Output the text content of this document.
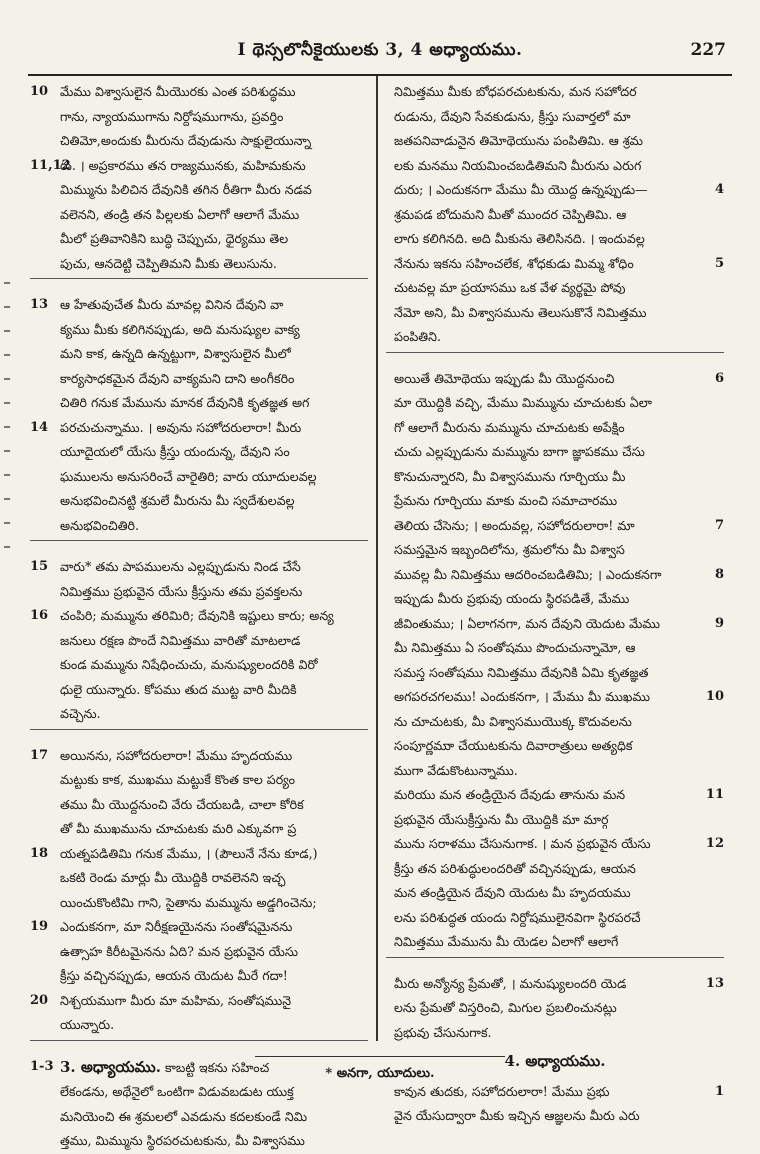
I థెస్సలొనీకైయులకు 3, 4 అధ్యాయము.	227
10 మేము విశ్వాసులైన మీయొరకు ఎంత పరిశుద్ధము
గాను, న్యాయముగాను నిర్దోషముగాను, ప్రవర్తిం
చితిమో,అందుకు మీరును దేవుడును సాక్షులైయున్నా
11,12
రు. । అప్రకారము తన రాజ్యమునకు, మహిమకును
మిమ్మును పిలిచిన దేవునికి తగిన రీతిగా మీరు నడవ
వలెనని, తండ్రి తన పిల్లలకు ఏలాగో ఆలాగే మేము
మీలో ప్రతివానికిని బుద్ధి చెప్పుచు, ధైర్యము తెల
పుచు, ఆనదెట్టి చెప్పితిమని మీకు తెలుసును.
13 ఆ హేతువుచేత మీరు మావల్ల వినిన దేవుని వా
క్యము మీకు కలిగినప్పుడు, అది మనుష్యుల వాక్య
మని కాక, ఉన్నది ఉన్నట్టుగా, విశ్వాసులైన మీలో
కార్యసాధకమైన దేవుని వాక్యమని దాని అంగీకరిం
చితిరి గనుక మేమును మానక దేవునికి కృతజ్ఞత అగ
14 పరచుచున్నాము. । అవును సహోదరులారా! మీరు
యూదైయలో యేసు క్రీస్తు యందున్న, దేవుని సం
ఘములను అనుసరించే వారైతిరి; వారు యూదులవల్ల
అనుభవించినట్టి శ్రమలే మీరును మీ స్వదేశులవల్ల
అనుభవించితిరి.
15 వారు* తమ పాపములను ఎల్లప్పుడును నిండ చేసే
నిమిత్తము ప్రభువైన యేసు క్రీస్తును తమ ప్రవక్తలను
16 చంపిరి; మమ్మును తరిమిరి; దేవునికి ఇష్టులు కారు; అన్య
జనులు రక్షణ పొందే నిమిత్తము వారితో మాటలాడ
కుండ మమ్మును నిషేధించుచు, మనుష్యులందరికి విరో
ధులై యున్నారు. కోపము తుద ముట్ట వారి మీదికి
వచ్చెను.
17 అయినను, సహోదరులారా! మేము హృదయము
మట్టుకు కాక, ముఖము మట్టుకే కొంత కాల పర్యం
తము మీ యొద్దనుంచి వేరు చేయబడి, చాలా కోరిక
తో మీ ముఖమును చూచుటకు మరి ఎక్కువగా ప్ర
18 యత్నపడితిమి గనుక మేము, । (పౌలునే నేను కూడ,)
ఒకటి రెండు మార్లు మీ యొద్దికి రావలెనని ఇచ్ఛ
యించుకొంటిమి గాని, సైతాను మమ్మును అడ్డగించెను;
19 ఎందుకనగా, మా నిరీక్షణయైనను సంతోషమైనను
ఉత్సాహ కిరీటమైనను ఏది? మన ప్రభువైన యేసు
క్రీస్తు వచ్చినప్పుడు, ఆయన యెదుట మీరే గదా!
20 నిశ్చయముగా మీరు మా మహిమ, సంతోషమునై
యున్నారు.
1-3 3. అధ్యాయము. కాబట్టి ఇకను సహించ
లేకండను, అథేనైలో ఒంటిగా విడువబడుట యుక్త
మనియెంచి ఈ శ్రమలలో ఎవడును కదలకుండే నిమి
త్తము, మిమ్మును స్థిరపరచుటకును, మీ విశ్వాసము
నిమిత్తము మీకు బోధపరచుటకును, మన సహోదర
రుడును, దేవుని సేవకుడును, క్రీస్తు సువార్తలో మా
జతపనివాడునైన తిమోథెయును పంపితిమి. ఆ శ్రమ
లకు మనము నియమించబడితిమని మీరును ఎరుగ
4
దురు; । ఎందుకనగా మేము మీ యొద్ద ఉన్నప్పుడు—
శ్రమపడ బోదుమని మీతో ముందర చెప్పితిమి. ఆ
లాగు కలిగినది. అది మీకును తెలిసినది. । ఇందువల్ల
5
నేనును ఇకను సహించలేక, శోధకుడు మిమ్మ శోధిం
చుటవల్ల మా ప్రయాసము ఒక వేళ వ్యర్థమై పోవు
నేమో అని, మీ విశ్వాసమును తెలుసుకొనే నిమిత్తము
పంపితిని.
6
అయితే తిమోథెయు ఇప్పుడు మీ యొద్దనుంచి
మా యొద్దికి వచ్చి, మేము మిమ్మును చూచుటకు ఏలా
గో ఆలాగే మీరును మమ్మును చూచుటకు అపేక్షిం
చుచు ఎల్లప్పుడును మమ్మును బాగా జ్ఞాపకము చేసు
కొనుచున్నారని, మీ విశ్వాసమును గూర్చియు మీ
ప్రేమను గూర్చియు మాకు మంచి సమాచారము
7
తెలియ చేసెను; । అందువల్ల, సహోదరులారా! మా
సమస్తమైన ఇబ్బందిలోను, శ్రమలోను మీ విశ్వాస
8
మువల్ల మీ నిమిత్తము ఆదరించబడితిమి; । ఎందుకనగా
ఇప్పుడు మీరు ప్రభువు యందు స్థిరపడితే, మేము
9
జీవింతుము; । ఏలాగనగా, మన దేవుని యెదుట మేము
మీ నిమిత్తము ఏ సంతోషము పొందుచున్నామో, ఆ
సమస్త సంతోషము నిమిత్తము దేవునికి ఏమి కృతజ్ఞత
10
అగపరచగలము! ఎందుకనగా, । మేము మీ ముఖము
ను చూచుటకు, మీ విశ్వాసముయొక్క కొదువలను
సంపూర్ణముా చేయుటకును దివారాత్రులు అత్యధిక
ముగా వేడుకొంటున్నాము.
11
మరియు మన తండ్రియైన దేవుడు తానును మన
ప్రభువైన యేసుక్రీస్తును మీ యొద్దికి మా మార్గ
12
మును సరాళము చేసునుగాక. । మన ప్రభువైన యేసు
క్రీస్తు తన పరిశుద్ధులందరితో వచ్చినప్పుడు, ఆయన
మన తండ్రియైన దేవుని యెదుట మీ హృదయము
లను పరిశుద్ధత యందు నిర్దోషములైనవిగా స్థిరపరచే
నిమిత్తము మేమును మీ యెడల ఏలాగో ఆలాగే
13
మీరు అన్యోన్య ప్రేమతో, । మనుష్యులందరి యెడ
లను ప్రేమతో విస్తరించి, మిగుల ప్రబలించునట్లు
ప్రభువు చేసునుగాక.
4. అధ్యాయము.
1
కావున తుదకు, సహోదరులారా! మేము ప్రభు
వైన యేసుద్వారా మీకు ఇచ్చిన ఆజ్ఞలను మీరు ఎరు
* అనగా, యూదులు.
